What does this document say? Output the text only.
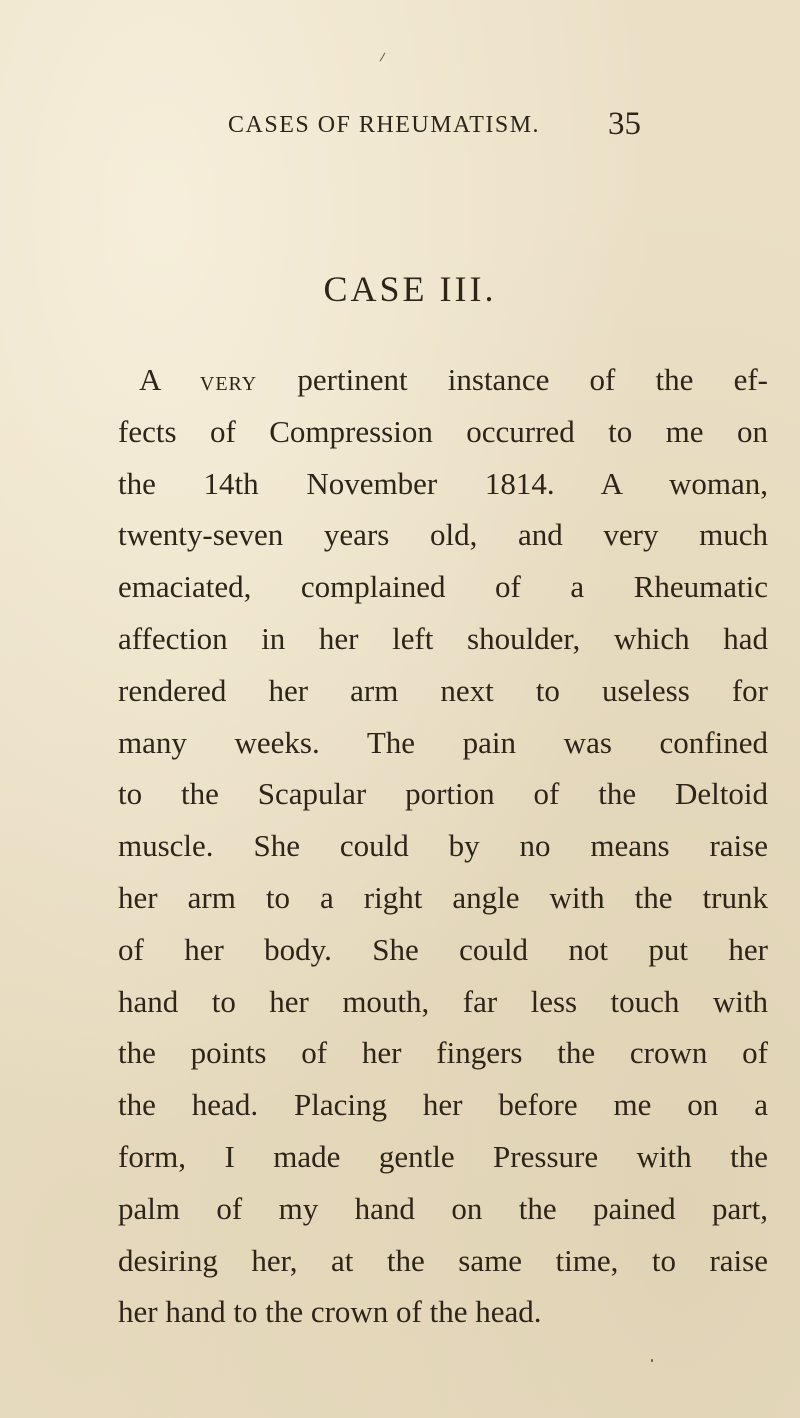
CASES OF RHEUMATISM. 35
CASE III.
A VERY pertinent instance of the ef-
fects of Compression occurred to me on
the 14th November 1814. A woman,
twenty-seven years old, and very much
emaciated, complained of a Rheumatic
affection in her left shoulder, which had
rendered her arm next to useless for
many weeks. The pain was confined
to the Scapular portion of the Deltoid
muscle. She could by no means raise
her arm to a right angle with the trunk
of her body. She could not put her
hand to her mouth, far less touch with
the points of her fingers the crown of
the head. Placing her before me on a
form, I made gentle Pressure with the
palm of my hand on the pained part,
desiring her, at the same time, to raise
her hand to the crown of the head.
